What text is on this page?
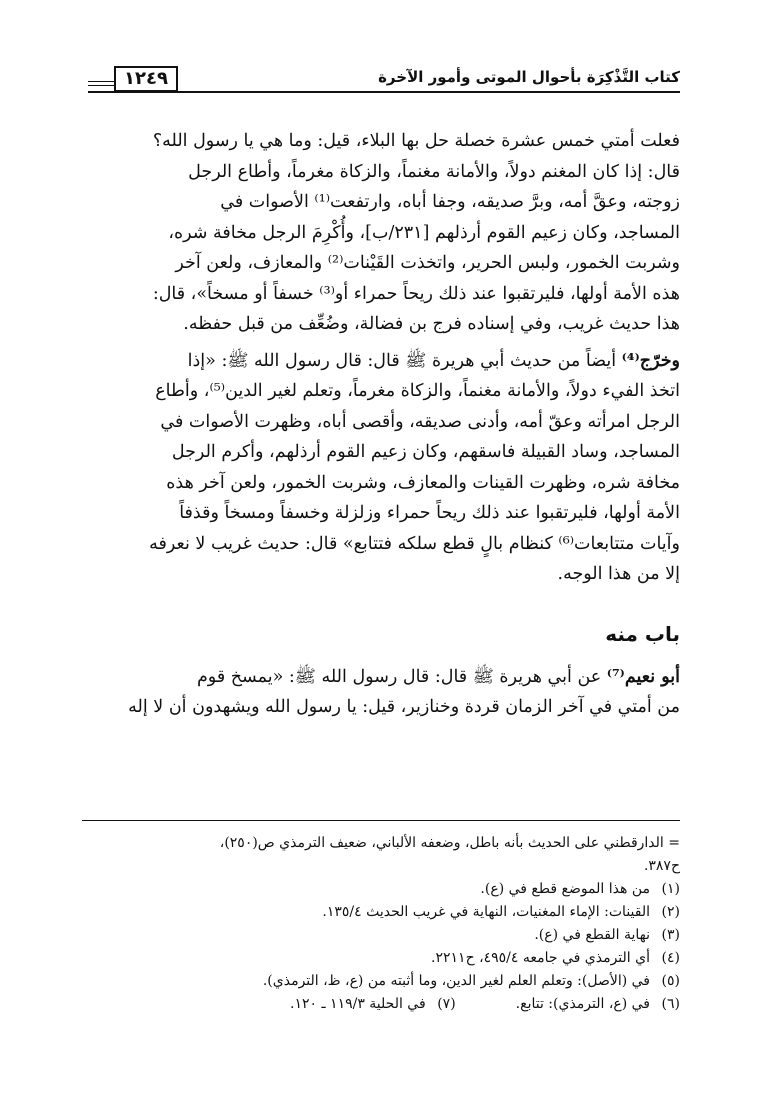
١٢٤٩	كتاب التَّذْكِرَة بأحوال الموتى وأمور الآخرة

فعلت أمتي خمس عشرة خصلة حل بها البلاء، قيل: وما هي يا رسول الله؟

قال: إذا كان المغنم دولاً، والأمانة مغنماً، والزكاة مغرماً، وأطاع الرجل

زوجته، وعقَّ أمه، وبرَّ صديقه، وجفا أباه، وارتفعت⁽¹⁾ الأصوات في

المساجد، وكان زعيم القوم أرذلهم [٢٣١/ب]، وأُكْرِمَ الرجل مخافة شره،

وشربت الخمور، ولبس الحرير، واتخذت القَيْنات⁽²⁾ والمعازف، ولعن آخر

هذه الأمة أولها، فليرتقبوا عند ذلك ريحاً حمراء أو⁽³⁾ خسفاً أو مسخاً»، قال:

هذا حديث غريب، وفي إسناده فرج بن فضالة، وضُعِّف من قبل حفظه.

وخرّج⁽⁴⁾ أيضاً من حديث أبي هريرة ﷺ قال: قال رسول الله ﷺ: «إذا

اتخذ الفيء دولاً، والأمانة مغنماً، والزكاة مغرماً، وتعلم لغير الدين⁽⁵⁾، وأطاع

الرجل امرأته وعقّ أمه، وأدنى صديقه، وأقصى أباه، وظهرت الأصوات في

المساجد، وساد القبيلة فاسقهم، وكان زعيم القوم أرذلهم، وأكرم الرجل

مخافة شره، وظهرت القينات والمعازف، وشربت الخمور، ولعن آخر هذه

الأمة أولها، فليرتقبوا عند ذلك ريحاً حمراء وزلزلة وخسفاً ومسخاً وقذفاً

وآيات متتابعات⁽⁶⁾ كنظام بالٍ قطع سلكه فتتابع» قال: حديث غريب لا نعرفه

إلا من هذا الوجه.

باب منه

أبو نعيم⁽⁷⁾ عن أبي هريرة ﷺ قال: قال رسول الله ﷺ: «يمسخ قوم

من أمتي في آخر الزمان قردة وخنازير، قيل: يا رسول الله ويشهدون أن لا إله

= الدارقطني على الحديث بأنه باطل، وضعفه الألباني، ضعيف الترمذي ص(٢٥٠)،

ح٣٨٧.

(١)من هذا الموضع قطع في (ع).

(٢)القينات: الإماء المغنيات، النهاية في غريب الحديث ١٣٥/٤.

(٣)نهاية القطع في (ع).

(٤)أي الترمذي في جامعه ٤٩٥/٤، ح٢٢١١.

(٥)في (الأصل): وتعلم العلم لغير الدين، وما أثبته من (ع، ظ، الترمذي).

(٦)في (ع، الترمذي): تتابع.
(٧)في الحلية ١١٩/٣ ـ ١٢٠.
